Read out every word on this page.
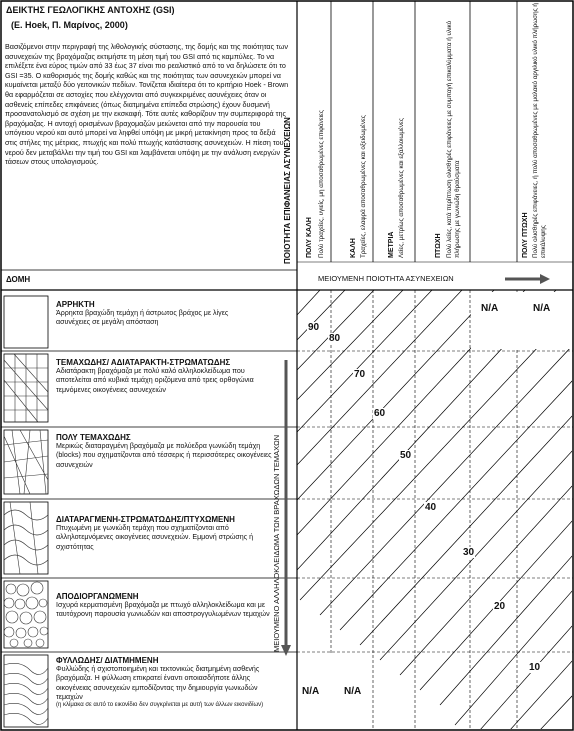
ΔΕΙΚΤΗΣ ΓΕΩΛΟΓΙΚΗΣ ΑΝΤΟΧΗΣ (GSI)
(Ε. Hoek, Π. Μαρίνος, 2000)
Βασιζόμενοι στην περιγραφή της λιθολογικής σύστασης, της δομής και της ποιότητας των ασυνεχειών της βραχόμαζας εκτιμήστε τη μέση τιμή του GSI από τις καμπύλες. Το να επιλέξετε ένα εύρος τιμών από 33 έως 37 είναι πιο ρεαλιστικό από το να δηλώσετε ότι το GSI =35. Ο καθορισμός της δομής καθώς και της ποιότητας των ασυνεχειών μπορεί να κυμαίνεται μεταξύ δύο γειτονικών πεδίων. Τονίζεται ιδιαίτερα ότι το κριτήριο Hoek - Brown θα εφαρμόζεται σε αστοχίες που ελέγχονται από συγκεκριμένες ασυνέχειες όταν οι ασθενείς επίπεδες επιφάνειες (όπως διατμημένα επίπεδα στρώσης) έχουν δυσμενή προσανατολισμό σε σχέση με την εκσκαφή. Τότε αυτές καθορίζουν την συμπεριφορά της βραχόμαζας. Η αντοχή ορισμένων βραχομαζών μειώνεται από την παρουσία του υπόγειου νερού και αυτό μπορεί να ληφθεί υπόψη με μικρή μετακίνηση προς τα δεξιά στις στήλες της μέτριας, πτωχής και πολύ πτωχής κατάστασης ασυνεχειών. Η πίεση του νερού δεν μεταβάλλει την τιμή του GSI και λαμβάνεται υπόψη με την ανάλυση ενεργών τάσεων στους υπολογισμούς.
ΔΟΜΗ
ΠΟΙΟΤΗΤΑ ΕΠΙΦΑΝΕΙΑΣ ΑΣΥΝΕΧΕΙΩΝ ΠΟΛΥ ΚΑΛΗ Πολύ τραχείες, υγιείς, μη αποσαθρωμένες επιφάνειες	ΚΑΛΗ Τραχείες, ελαφρά αποσαθρωμένες και οξειδωμένες	ΜΕΤΡΙΑ Λείες, μετρίως αποσαθρωμένες και εξαλλοιωμένες	ΠΤΩΧΗ Πολύ λείες, κατά περίπτωση ολισθηρές επιφάνειες με συμπαγή επικαλύμματα ή υλικό πλήρωσης με γωνιώδη θραύσματα	ΠΟΛΥ ΠΤΩΧΗ Πολύ ολισθηρές επιφάνειες, ή πολύ αποσαθρωμένες με μαλακό αργιλικό υλικό πλήρωσης ή επικάλυψης
ΜΕΙΟΥΜΕΝΗ ΠΟΙΟΤΗΤΑ ΑΣΥΝΕΧΕΙΩΝ
ΜΕΙΟΥΜΕΝΟ ΑΛΛΗΛΟΚΛΕΙΔΩΜΑ ΤΩΝ ΒΡΑΧΩΔΩΝ ΤΕΜΑΧΩΝ
ΑΡΡΗΚΤΗ
Άρρηκτα βραχώδη τεμάχη ή άστρωτος βράχος με λίγες ασυνέχειες σε μεγάλη απόσταση
ΤΕΜΑΧΩΔΗΣ/ ΑΔΙΑΤΑΡΑΚΤΗ-ΣΤΡΩΜΑΤΩΔΗΣ
Αδιατάρακτη βραχόμαζα με πολύ καλό αλληλοκλείδωμα που αποτελείται από κυβικά τεμάχη οριζόμενα από τρεις ορθογώνια τεμνόμενες οικογένειες ασυνεχειών
ΠΟΛΥ ΤΕΜΑΧΩΔΗΣ
Μερικώς διαταραγμένη βραχόμαζα με πολύεδρα γωνιώδη τεμάχη (blocks) που σχηματίζονται από τέσσερις ή περισσότερες οικογένειες ασυνεχειών
ΔΙΑΤΑΡΑΓΜΕΝΗ-ΣΤΡΩΜΑΤΩΔΗΣ/ΠΤΥΧΩΜΕΝΗ
Πτυχωμένη με γωνιώδη τεμάχη που σχηματίζονται από αλληλοτεμνόμενες οικογένειες ασυνεχειών. Εμμονή στρώσης ή σχιστότητας
ΑΠΟΔΙΟΡΓΑΝΩΜΕΝΗ
Ισχυρά κερματισμένη βραχόμαζα με πτωχό αλληλοκλείδωμα και με ταυτόχρονη παρουσία γωνιωδών και αποστρογγυλωμένων τεμαχών
ΦΥΛΛΩΔΗΣ/ ΔΙΑΤΜΗΜΕΝΗ
Φυλλώδης ή σχιστοποιημένη και τεκτονικώς διατμημένη ασθενής βραχόμαζα. Η φύλλωση επικρατεί έναντι οποιασδήποτε άλλης οικογένειας ασυνεχειών εμποδίζοντας την δημιουργία γωνιωδών τεμαχών
(η κλίμακα σε αυτό το εικονίδιο δεν συγκρίνεται με αυτή των άλλων εικονιδίων)
90
80
70
60
50
40
30
20
10
N/A	N/A
N/A N/A
